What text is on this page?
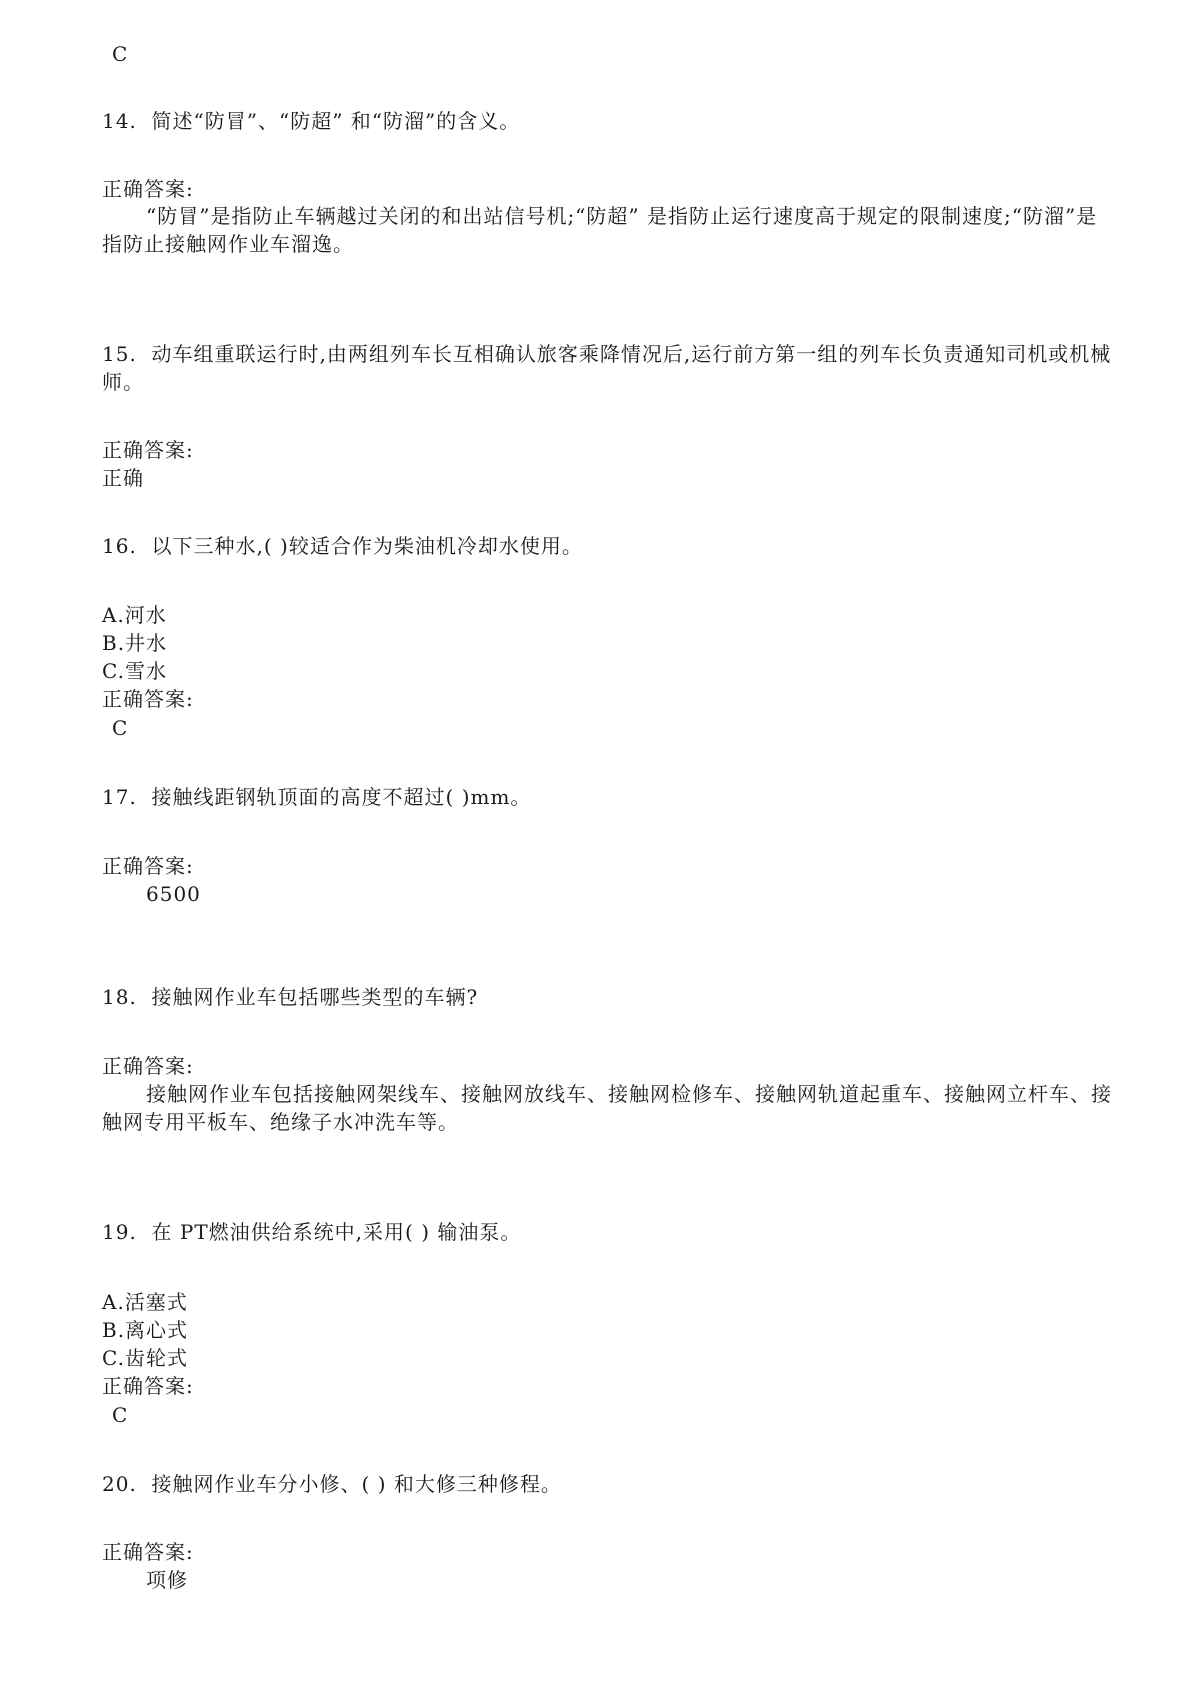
C
14. 简述“防冒”、“防超” 和“防溜”的含义。
正确答案:
“防冒”是指防止车辆越过关闭的和出站信号机;“防超” 是指防止运行速度高于规定的限制速度;“防溜”是指防止接触网作业车溜逸。
15. 动车组重联运行时,由两组列车长互相确认旅客乘降情况后,运行前方第一组的列车长负责通知司机或机械师。
正确答案:
正确
16. 以下三种水,( )较适合作为柴油机冷却水使用。
A.河水
B.井水
C.雪水
正确答案:
C
17. 接触线距钢轨顶面的高度不超过( )mm。
正确答案:
6500
18. 接触网作业车包括哪些类型的车辆?
正确答案:
接触网作业车包括接触网架线车、接触网放线车、接触网检修车、接触网轨道起重车、接触网立杆车、接触网专用平板车、绝缘子水冲洗车等。
19. 在 PT燃油供给系统中,采用( ) 输油泵。
A.活塞式
B.离心式
C.齿轮式
正确答案:
C
20. 接触网作业车分小修、( ) 和大修三种修程。
正确答案:
项修
